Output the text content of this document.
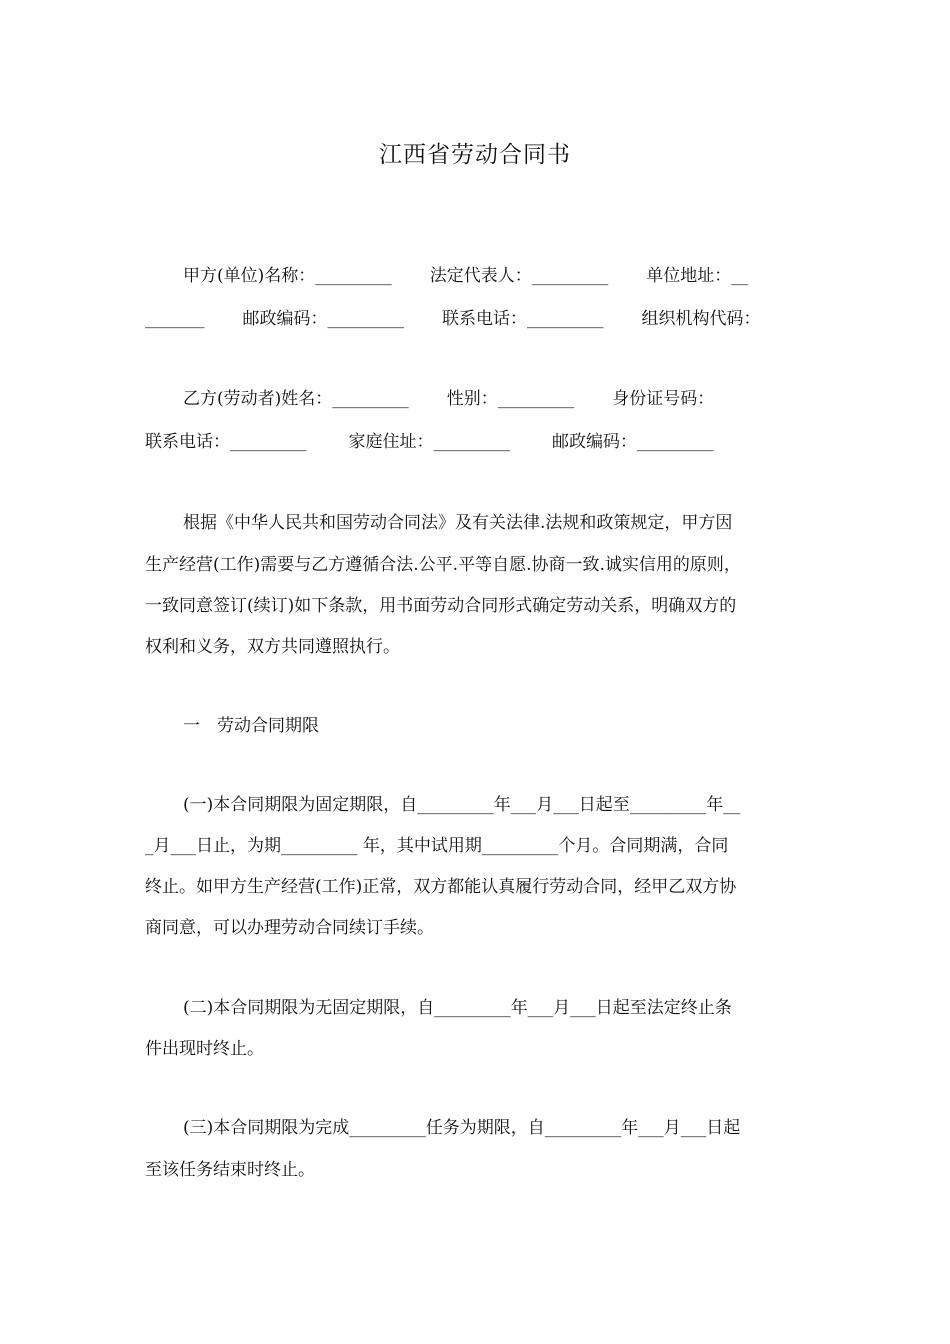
江西省劳动合同书
甲方(单位)名称：_________ 法定代表人：_________ 单位地址：__
_______ 邮政编码：_________ 联系电话：_________ 组织机构代码：
乙方(劳动者)姓名：_________ 性别：_________ 身份证号码：
联系电话：_________ 家庭住址：_________ 邮政编码：_________
根据《中华人民共和国劳动合同法》及有关法律.法规和政策规定，甲方因
生产经营(工作)需要与乙方遵循合法.公平.平等自愿.协商一致.诚实信用的原则，
一致同意签订(续订)如下条款，用书面劳动合同形式确定劳动关系，明确双方的
权利和义务，双方共同遵照执行。
一　劳动合同期限
(一)本合同期限为固定期限，自_________年___月___日起至_________年__
_月___日止，为期_________ 年，其中试用期_________个月。合同期满，合同
终止。如甲方生产经营(工作)正常，双方都能认真履行劳动合同，经甲乙双方协
商同意，可以办理劳动合同续订手续。
(二)本合同期限为无固定期限，自_________年___月___日起至法定终止条
件出现时终止。
(三)本合同期限为完成_________任务为期限，自_________年___月___日起
至该任务结束时终止。
